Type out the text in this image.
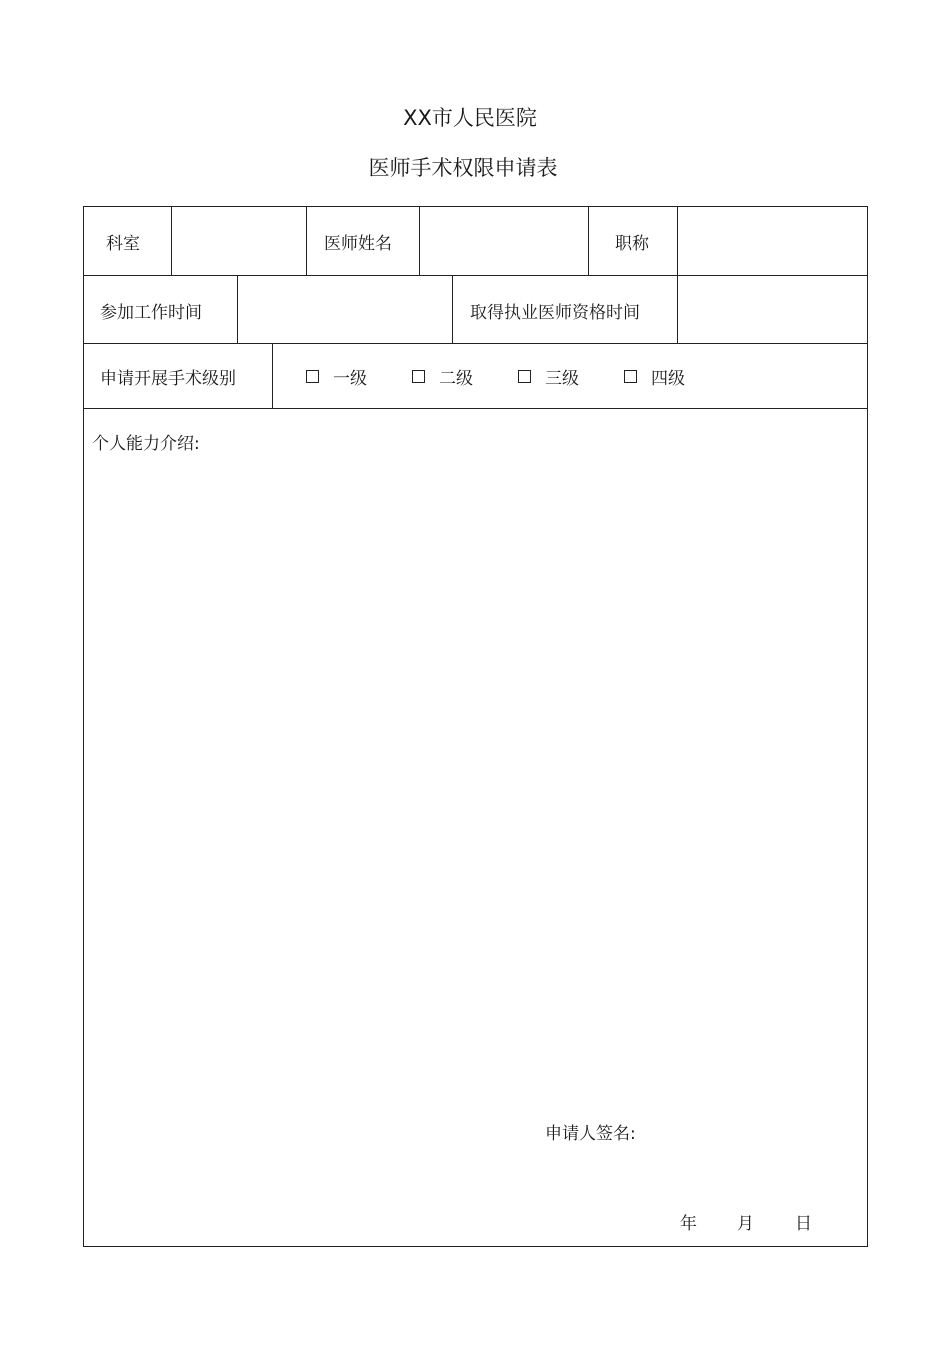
XX市人民医院
医师手术权限申请表
科室	医师姓名	职称
参加工作时间	取得执业医师资格时间
申请开展手术级别	一级	二级	三级	四级
个人能力介绍:
申请人签名:
年 月 日
